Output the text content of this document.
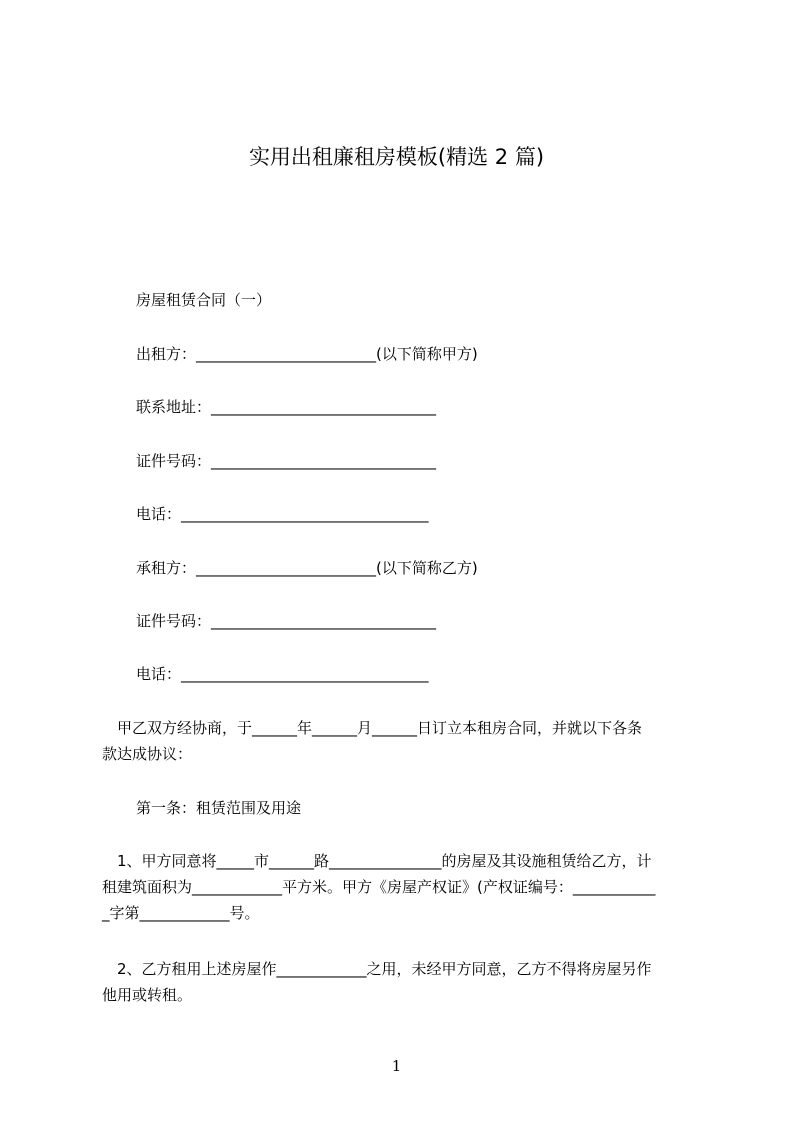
实用出租廉租房模板(精选 2 篇)
房屋租赁合同（一）
出租方：________________________(以下简称甲方)
联系地址：______________________________
证件号码：______________________________
电话：_________________________________
承租方：________________________(以下简称乙方)
证件号码：______________________________
电话：_________________________________
　甲乙双方经协商，于______年______月______日订立本租房合同，并就以下各条
款达成协议：
第一条：租赁范围及用途
　1、甲方同意将_____市______路_______________的房屋及其设施租赁给乙方，计
租建筑面积为____________平方米。甲方《房屋产权证》(产权证编号：___________
_字第____________号。
　2、乙方租用上述房屋作____________之用，未经甲方同意，乙方不得将房屋另作
他用或转租。
1
